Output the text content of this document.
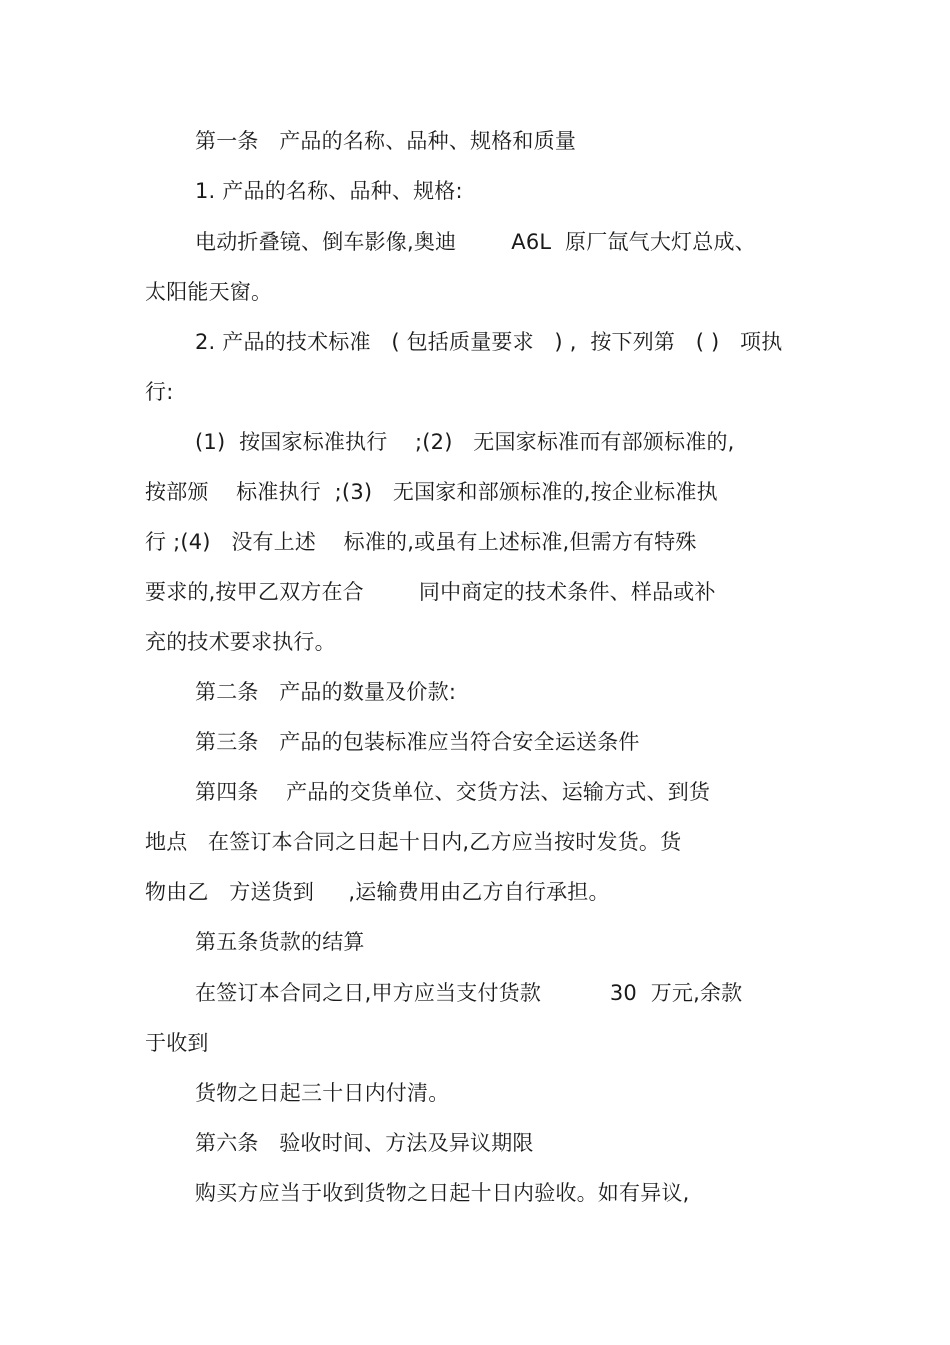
第一条   产品的名称、品种、规格和质量
1. 产品的名称、品种、规格:
电动折叠镜、倒车影像,奥迪        A6L  原厂氙气大灯总成、
太阳能天窗。
2. 产品的技术标准   ( 包括质量要求   ) ,  按下列第   ( )   项执
行:
(1)  按国家标准执行    ;(2)   无国家标准而有部颁标准的,
按部颁    标准执行  ;(3)   无国家和部颁标准的,按企业标准执
行 ;(4)   没有上述    标准的,或虽有上述标准,但需方有特殊
要求的,按甲乙双方在合        同中商定的技术条件、样品或补
充的技术要求执行。
第二条   产品的数量及价款:
第三条   产品的包装标准应当符合安全运送条件
第四条    产品的交货单位、交货方法、运输方式、到货
地点   在签订本合同之日起十日内,乙方应当按时发货。货
物由乙   方送货到     ,运输费用由乙方自行承担。
第五条货款的结算
在签订本合同之日,甲方应当支付货款          30  万元,余款
于收到
货物之日起三十日内付清。
第六条   验收时间、方法及异议期限
购买方应当于收到货物之日起十日内验收。如有异议,
